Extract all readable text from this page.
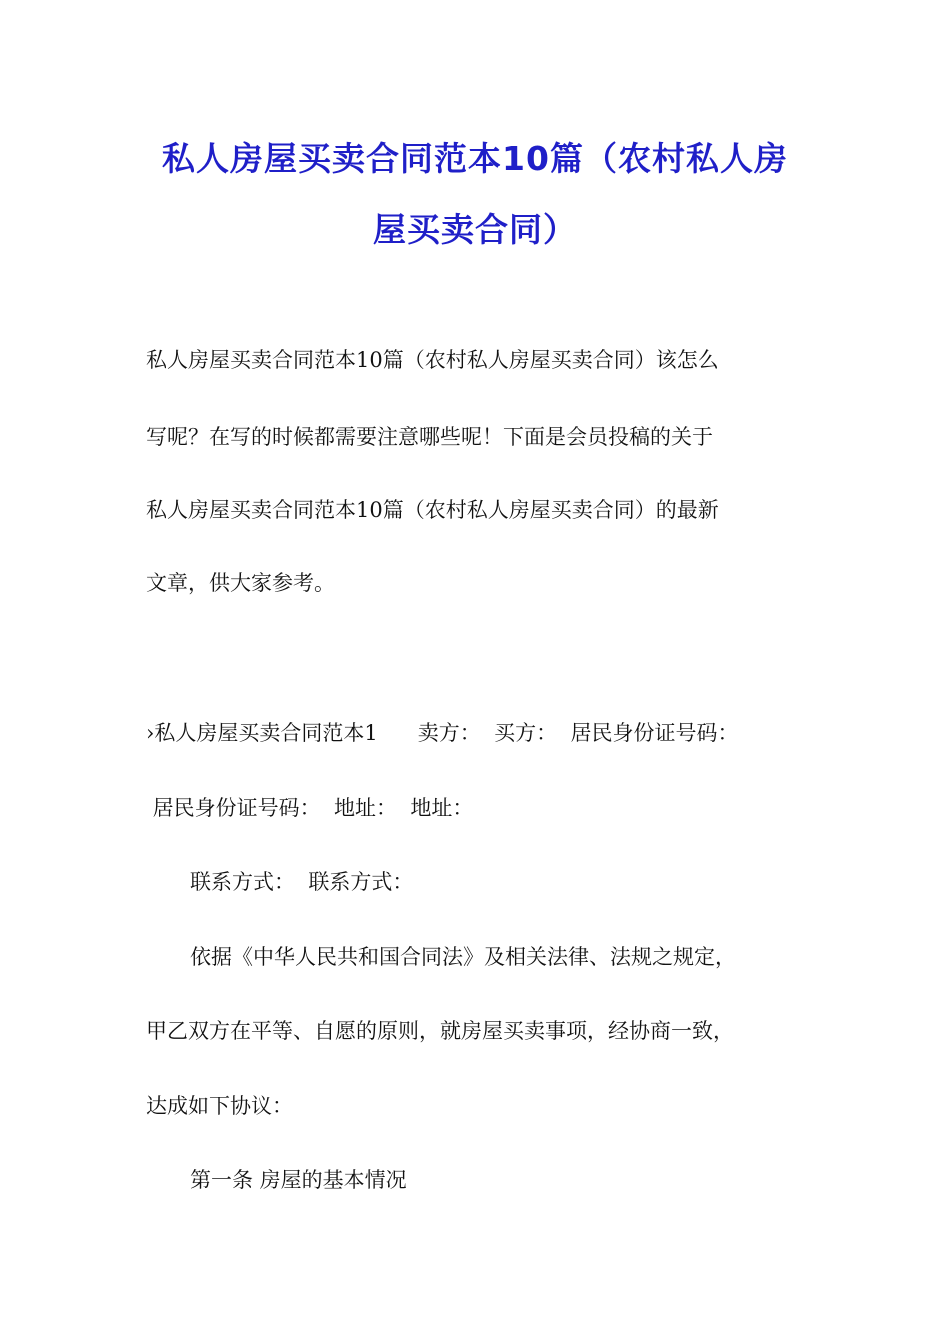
私人房屋买卖合同范本10篇（农村私人房
屋买卖合同）
私人房屋买卖合同范本10篇（农村私人房屋买卖合同）该怎么
写呢？在写的时候都需要注意哪些呢！下面是会员投稿的关于
私人房屋买卖合同范本10篇（农村私人房屋买卖合同）的最新
文章，供大家参考。
›私人房屋买卖合同范本1      卖方：  买方：  居民身份证号码：
居民身份证号码：  地址：  地址：
联系方式：  联系方式：
依据《中华人民共和国合同法》及相关法律、法规之规定，
甲乙双方在平等、自愿的原则，就房屋买卖事项，经协商一致，
达成如下协议：
第一条 房屋的基本情况
